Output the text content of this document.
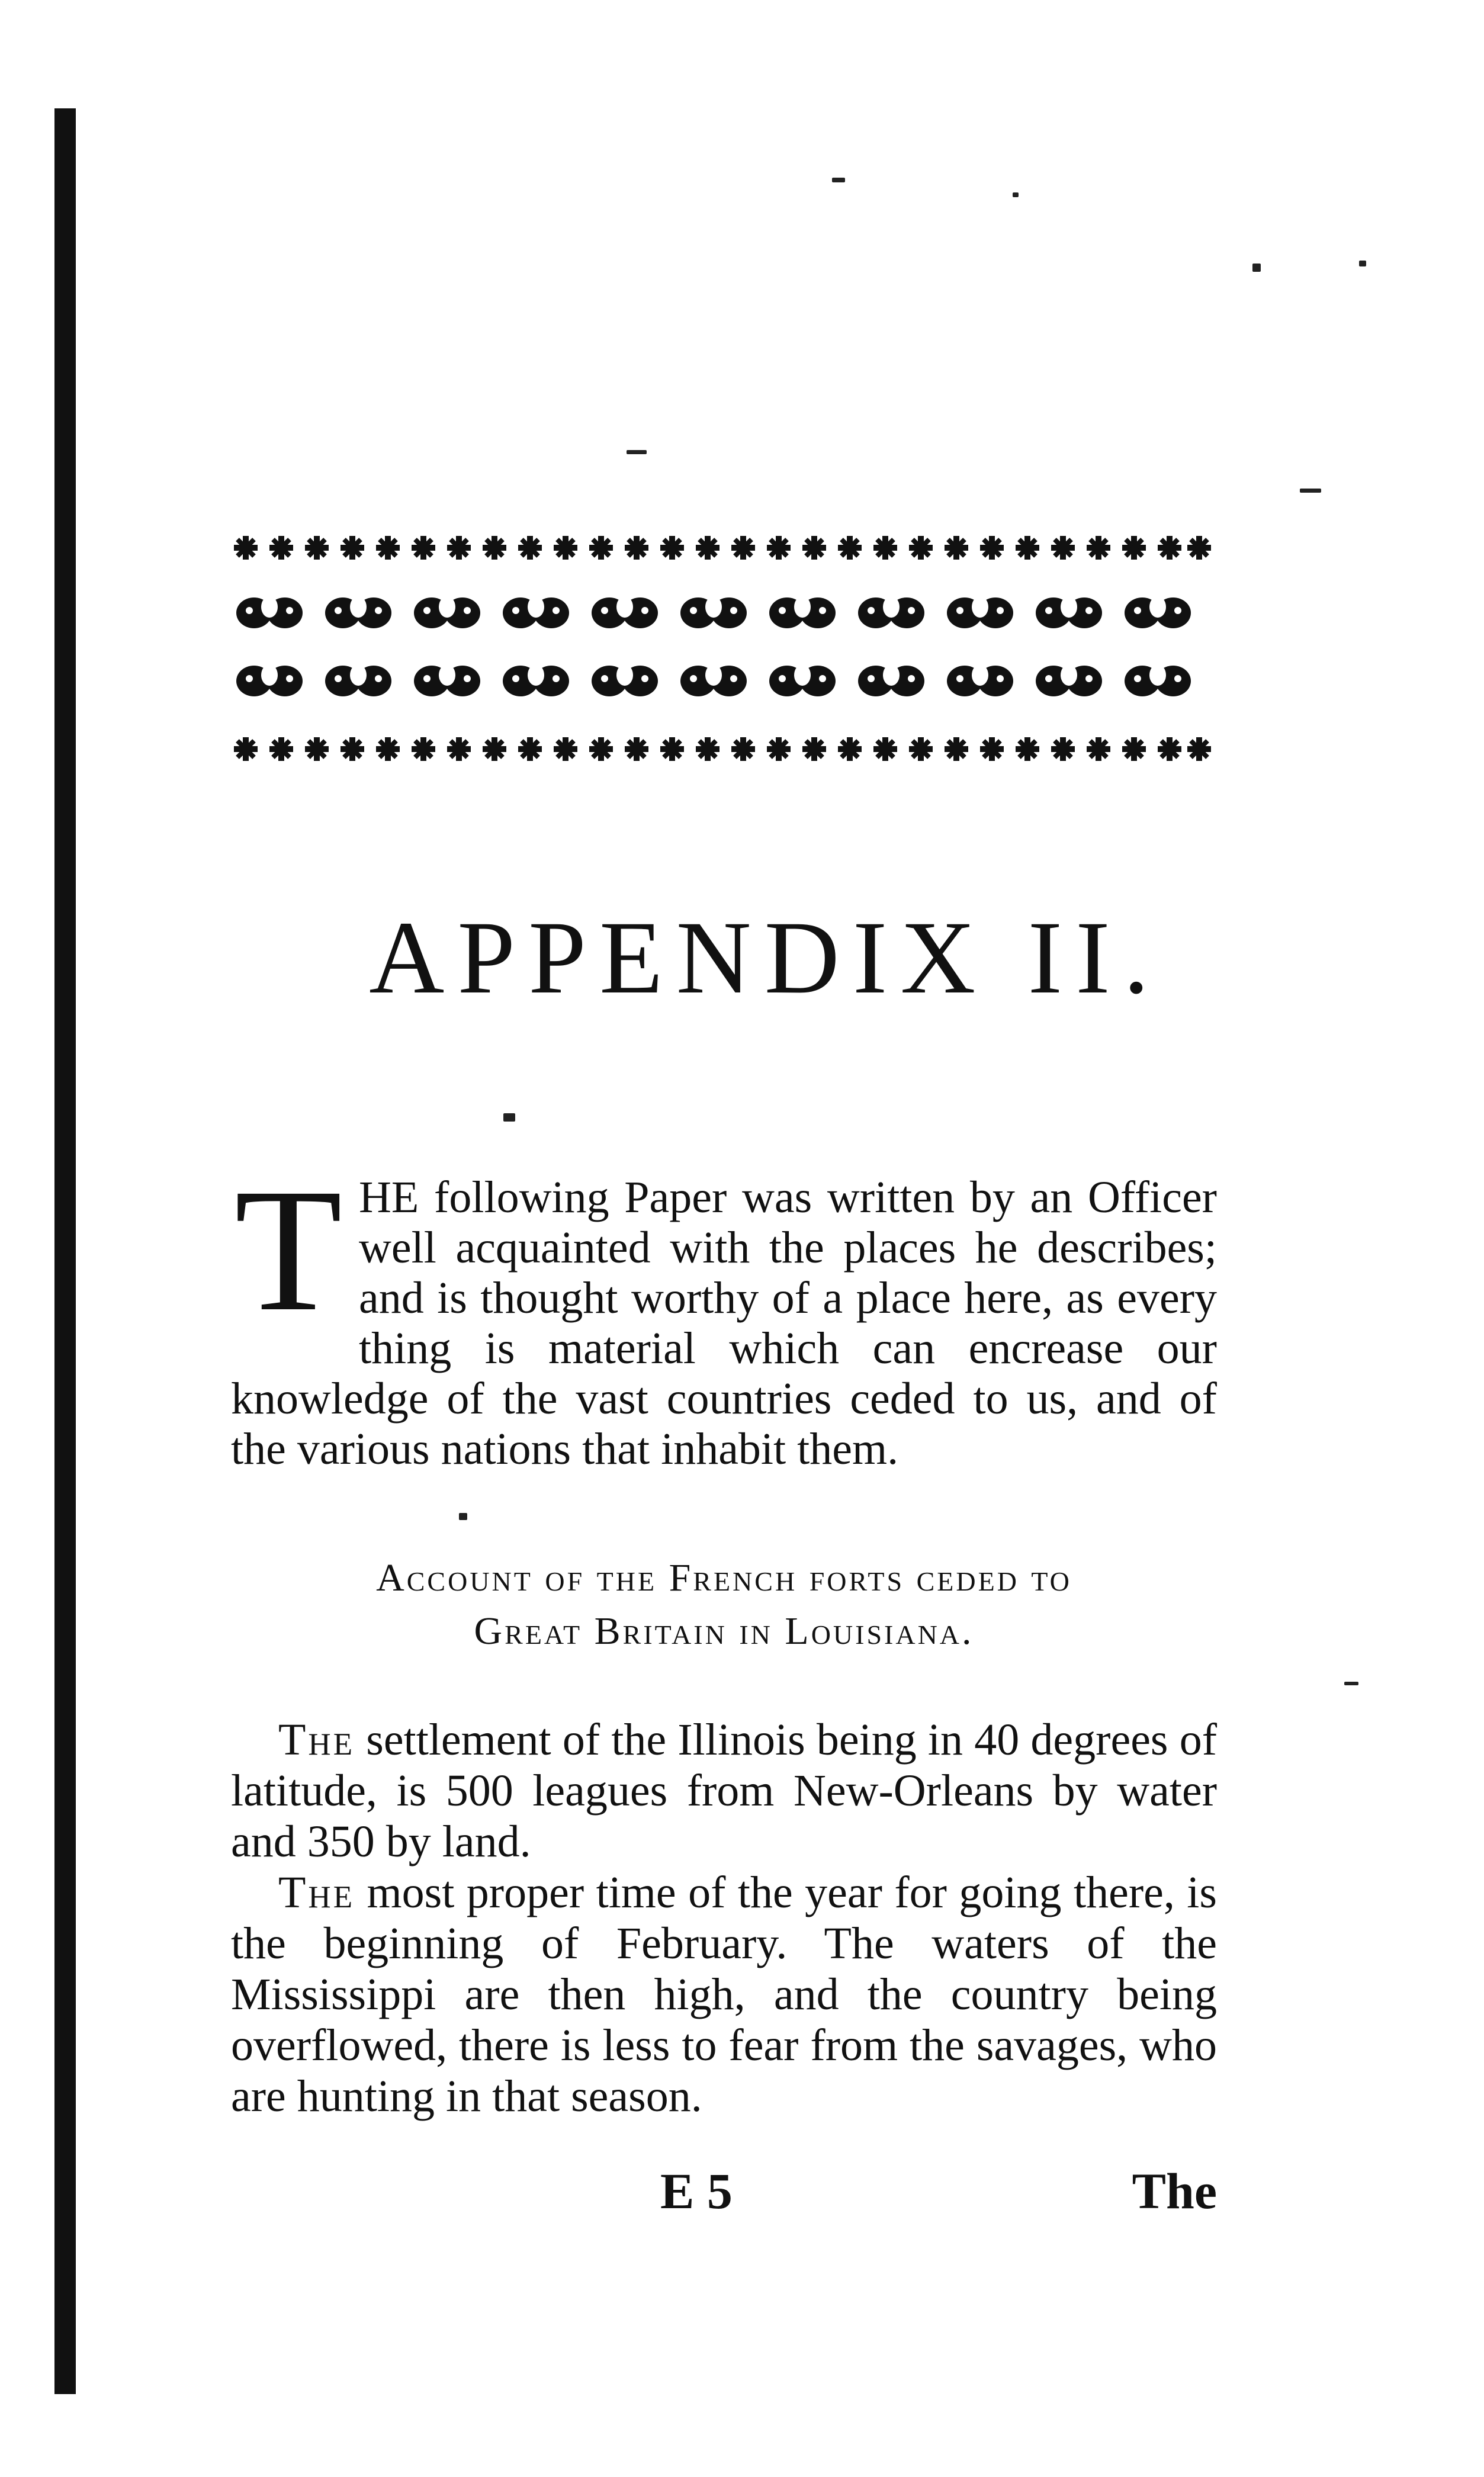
APPENDIX II.

T HE following Paper was written by an Officer well acquainted with the places he describes; and is thought worthy of a place here, as every thing is material which can encrease our knowledge of the vast countries ceded to us, and of the various nations that inhabit them.

Account of the French forts ceded to
Great Britain in Louisiana.

The settlement of the Illinois being in 40 degrees of latitude, is 500 leagues from New-Orleans by water and 350 by land.

The most proper time of the year for going there, is the beginning of February. The waters of the Mississippi are then high, and the country being overflowed, there is less to fear from the savages, who are hunting in that season.

E 5	The
